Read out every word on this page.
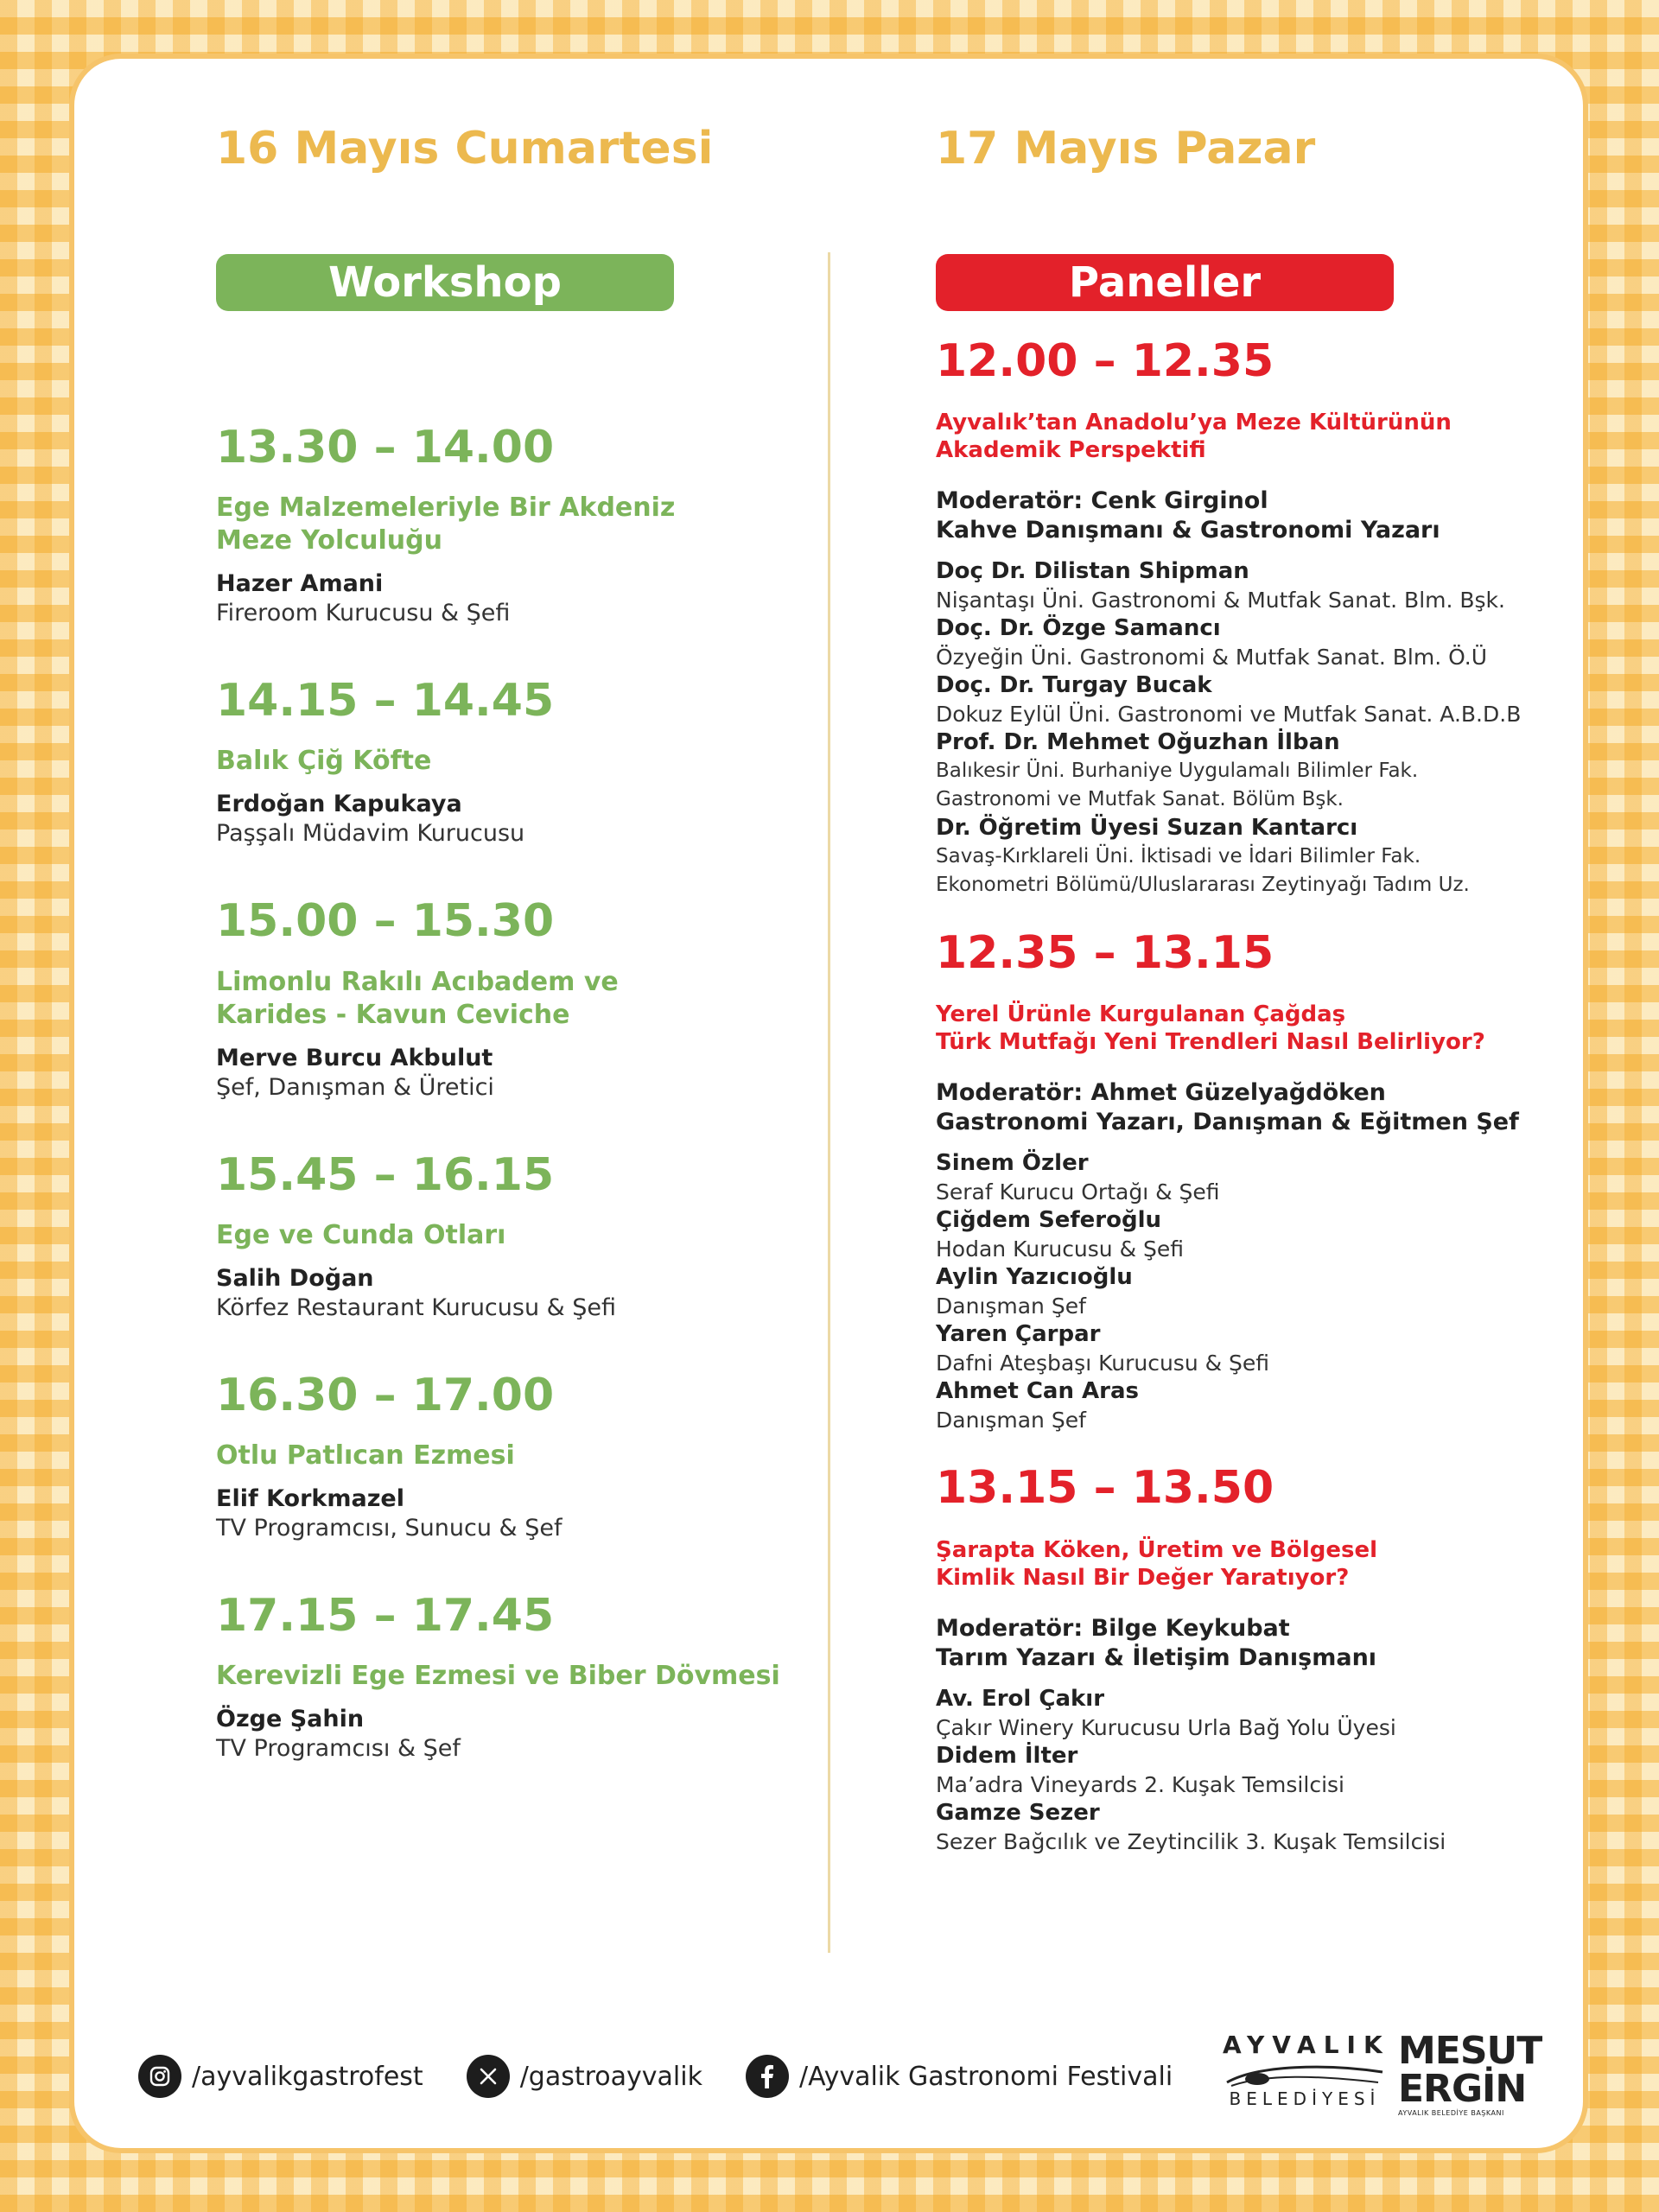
16 Mayıs Cumartesi	17 Mayıs Pazar
Workshop	Paneller
13.30 – 14.00
Ege Malzemeleriyle Bir Akdeniz
Meze Yolculuğu
Hazer Amani
Fireroom Kurucusu & Şefi
14.15 – 14.45
Balık Çiğ Köfte
Erdoğan Kapukaya
Paşşalı Müdavim Kurucusu
15.00 – 15.30
Limonlu Rakılı Acıbadem ve
Karides - Kavun Ceviche
Merve Burcu Akbulut
Şef, Danışman & Üretici
15.45 – 16.15
Ege ve Cunda Otları
Salih Doğan
Körfez Restaurant Kurucusu & Şefi
16.30 – 17.00
Otlu Patlıcan Ezmesi
Elif Korkmazel
TV Programcısı, Sunucu & Şef
17.15 – 17.45
Kerevizli Ege Ezmesi ve Biber Dövmesi
Özge Şahin
TV Programcısı & Şef
12.00 – 12.35
Ayvalık’tan Anadolu’ya Meze Kültürünün
Akademik Perspektifi
Moderatör: Cenk Girginol
Kahve Danışmanı & Gastronomi Yazarı
Doç Dr. Dilistan Shipman
Nişantaşı Üni. Gastronomi & Mutfak Sanat. Blm. Bşk.
Doç. Dr. Özge Samancı
Özyeğin Üni. Gastronomi & Mutfak Sanat. Blm. Ö.Ü
Doç. Dr. Turgay Bucak
Dokuz Eylül Üni. Gastronomi ve Mutfak Sanat. A.B.D.B
Prof. Dr. Mehmet Oğuzhan İlban
Balıkesir Üni. Burhaniye Uygulamalı Bilimler Fak.
Gastronomi ve Mutfak Sanat. Bölüm Bşk.
Dr. Öğretim Üyesi Suzan Kantarcı
Savaş-Kırklareli Üni. İktisadi ve İdari Bilimler Fak.
Ekonometri Bölümü/Uluslararası Zeytinyağı Tadım Uz.
12.35 – 13.15
Yerel Ürünle Kurgulanan Çağdaş
Türk Mutfağı Yeni Trendleri Nasıl Belirliyor?
Moderatör: Ahmet Güzelyağdöken
Gastronomi Yazarı, Danışman & Eğitmen Şef
Sinem Özler
Seraf Kurucu Ortağı & Şefi
Çiğdem Seferoğlu
Hodan Kurucusu & Şefi
Aylin Yazıcıoğlu
Danışman Şef
Yaren Çarpar
Dafni Ateşbaşı Kurucusu & Şefi
Ahmet Can Aras
Danışman Şef
13.15 – 13.50
Şarapta Köken, Üretim ve Bölgesel
Kimlik Nasıl Bir Değer Yaratıyor?
Moderatör: Bilge Keykubat
Tarım Yazarı & İletişim Danışmanı
Av. Erol Çakır
Çakır Winery Kurucusu Urla Bağ Yolu Üyesi
Didem İlter
Ma’adra Vineyards 2. Kuşak Temsilcisi
Gamze Sezer
Sezer Bağcılık ve Zeytincilik 3. Kuşak Temsilcisi
/ayvalikgastrofest	/gastroayvalik	/Ayvalik Gastronomi Festivali
AYVALIK
BELEDİYESİ
MESUT
ERGİN
AYVALIK BELEDİYE BAŞKANI
